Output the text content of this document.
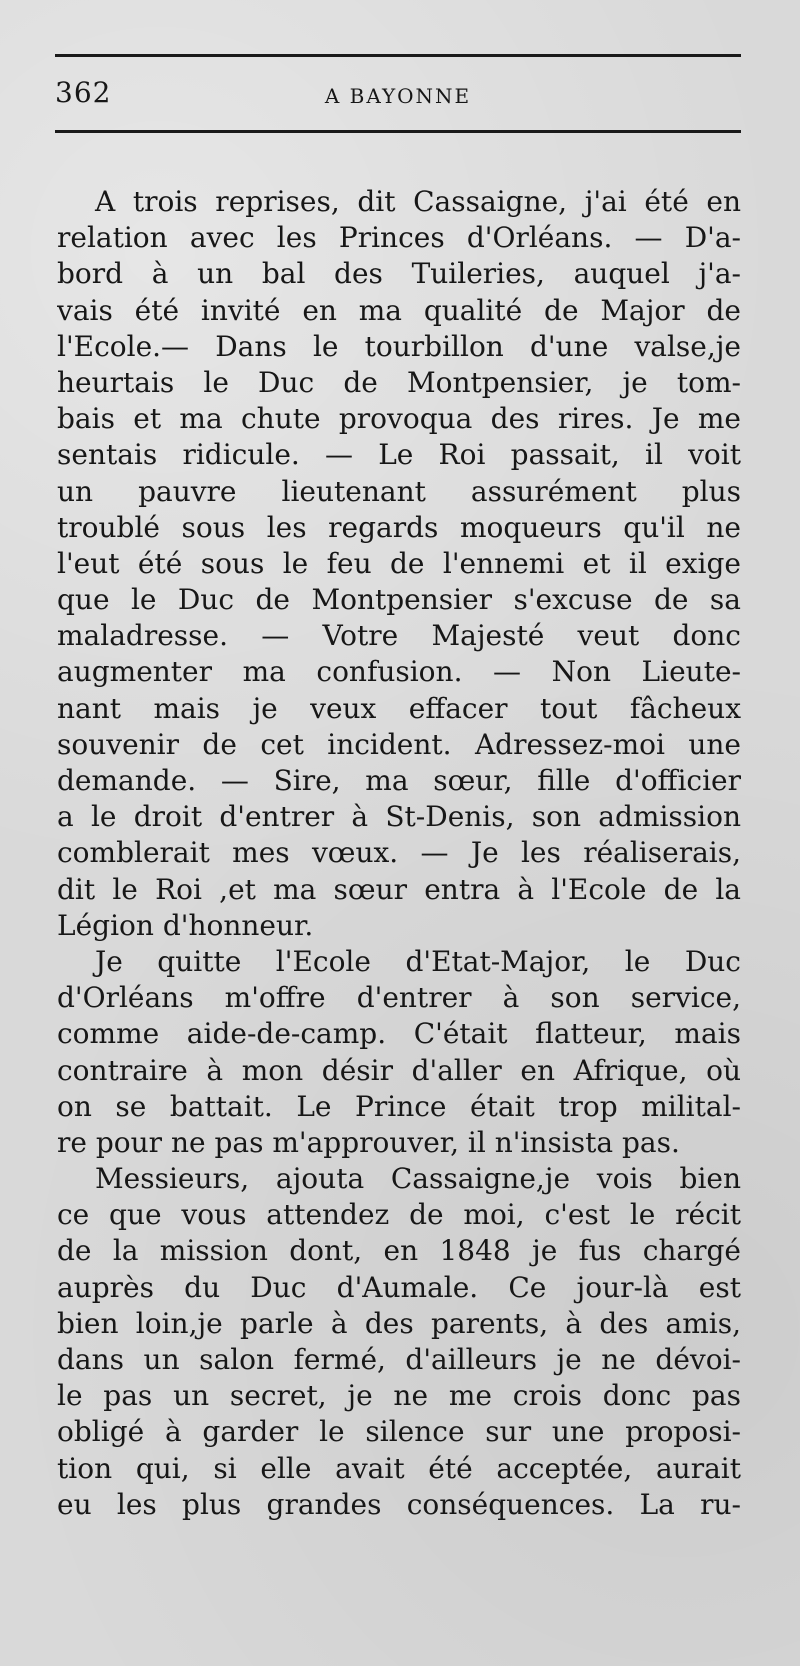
362	A BAYONNE
A trois reprises, dit Cassaigne, j'ai été en
relation avec les Princes d'Orléans. — D'a-
bord à un bal des Tuileries, auquel j'a-
vais été invité en ma qualité de Major de
l'Ecole.— Dans le tourbillon d'une valse,je
heurtais le Duc de Montpensier, je tom-
bais et ma chute provoqua des rires. Je me
sentais ridicule. — Le Roi passait, il voit
un pauvre lieutenant assurément plus
troublé sous les regards moqueurs qu'il ne
l'eut été sous le feu de l'ennemi et il exige
que le Duc de Montpensier s'excuse de sa
maladresse. — Votre Majesté veut donc
augmenter ma confusion. — Non Lieute-
nant mais je veux effacer tout fâcheux
souvenir de cet incident. Adressez-moi une
demande. — Sire, ma sœur, fille d'officier
a le droit d'entrer à St-Denis, son admission
comblerait mes vœux. — Je les réaliserais,
dit le Roi ,et ma sœur entra à l'Ecole de la
Légion d'honneur.
Je quitte l'Ecole d'Etat-Major, le Duc
d'Orléans m'offre d'entrer à son service,
comme aide-de-camp. C'était flatteur, mais
contraire à mon désir d'aller en Afrique, où
on se battait. Le Prince était trop milital-
re pour ne pas m'approuver, il n'insista pas.
Messieurs, ajouta Cassaigne,je vois bien
ce que vous attendez de moi, c'est le récit
de la mission dont, en 1848 je fus chargé
auprès du Duc d'Aumale. Ce jour-là est
bien loin,je parle à des parents, à des amis,
dans un salon fermé, d'ailleurs je ne dévoi-
le pas un secret, je ne me crois donc pas
obligé à garder le silence sur une proposi-
tion qui, si elle avait été acceptée, aurait
eu les plus grandes conséquences. La ru-
